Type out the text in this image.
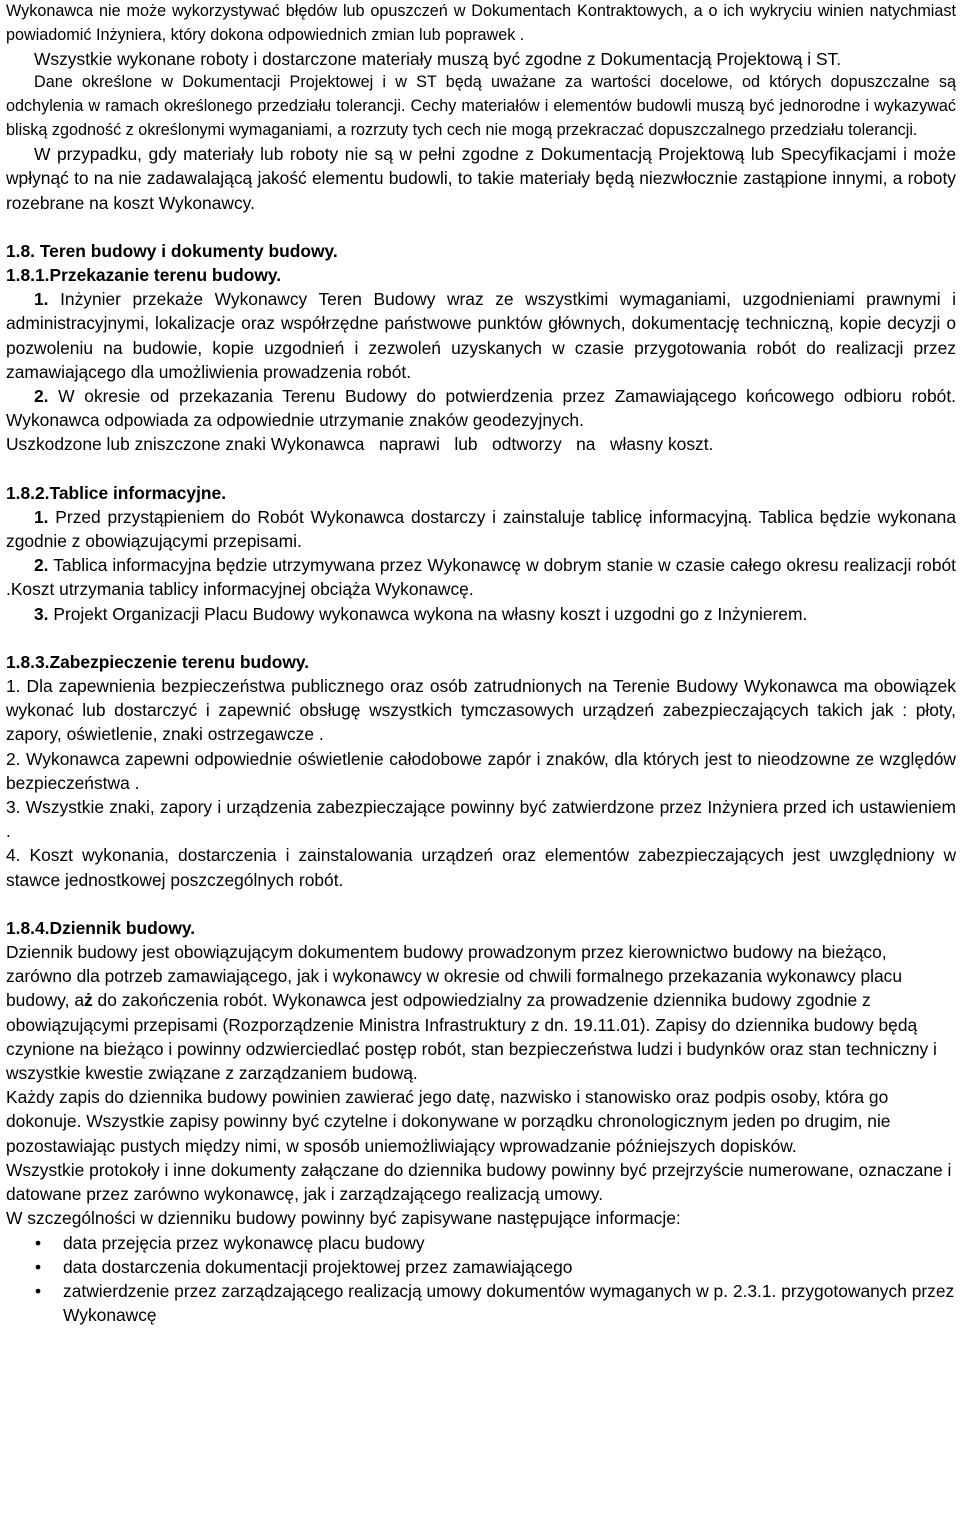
Wykonawca nie może wykorzystywać błędów lub opuszczeń w Dokumentach Kontraktowych, a o ich wykryciu winien natychmiast powiadomić Inżyniera, który dokona odpowiednich zmian lub poprawek .

Wszystkie wykonane roboty i dostarczone materiały muszą być zgodne z Dokumentacją Projektową i ST.

Dane określone w Dokumentacji Projektowej i w ST będą uważane za wartości docelowe, od których dopuszczalne są odchylenia w ramach określonego przedziału tolerancji. Cechy materiałów i elementów budowli muszą być jednorodne i wykazywać bliską zgodność z określonymi wymaganiami, a rozrzuty tych cech nie mogą przekraczać dopuszczalnego przedziału tolerancji.

W przypadku, gdy materiały lub roboty nie są w pełni zgodne z Dokumentacją Projektową lub Specyfikacjami i może wpłynąć to na nie zadawalającą jakość elementu budowli, to takie materiały będą niezwłocznie zastąpione innymi, a roboty rozebrane na koszt Wykonawcy.

1.8. Teren budowy i dokumenty budowy.

1.8.1.Przekazanie terenu budowy.

1. Inżynier przekaże Wykonawcy Teren Budowy wraz ze wszystkimi wymaganiami, uzgodnieniami prawnymi i administracyjnymi, lokalizacje oraz współrzędne państwowe punktów głównych, dokumentację techniczną, kopie decyzji o pozwoleniu na budowie, kopie uzgodnień i zezwoleń uzyskanych w czasie przygotowania robót do realizacji przez zamawiającego dla umożliwienia prowadzenia robót.

2. W okresie od przekazania Terenu Budowy do potwierdzenia przez Zamawiającego końcowego odbioru robót. Wykonawca odpowiada za odpowiednie utrzymanie znaków geodezyjnych.

Uszkodzone lub zniszczone znaki Wykonawca   naprawi   lub   odtworzy   na   własny koszt.

1.8.2.Tablice informacyjne.

1. Przed przystąpieniem do Robót Wykonawca dostarczy i zainstaluje tablicę informacyjną. Tablica będzie wykonana zgodnie z obowiązującymi przepisami.

2. Tablica informacyjna będzie utrzymywana przez Wykonawcę w dobrym stanie w czasie całego okresu realizacji robót .Koszt utrzymania tablicy informacyjnej obciąża Wykonawcę.

3. Projekt Organizacji Placu Budowy wykonawca wykona na własny koszt i uzgodni go z Inżynierem.

1.8.3.Zabezpieczenie terenu budowy.

1. Dla zapewnienia bezpieczeństwa publicznego oraz osób zatrudnionych na Terenie Budowy Wykonawca ma obowiązek wykonać lub dostarczyć i zapewnić obsługę wszystkich tymczasowych urządzeń zabezpieczających takich jak : płoty, zapory, oświetlenie, znaki ostrzegawcze .

2. Wykonawca zapewni odpowiednie oświetlenie całodobowe zapór i znaków, dla których jest to nieodzowne ze względów bezpieczeństwa .

3. Wszystkie znaki, zapory i urządzenia zabezpieczające powinny być zatwierdzone przez Inżyniera przed ich ustawieniem .

4. Koszt wykonania, dostarczenia i zainstalowania urządzeń oraz elementów zabezpieczających jest uwzględniony w stawce jednostkowej poszczególnych robót.

1.8.4.Dziennik budowy.

Dziennik budowy jest obowiązującym dokumentem budowy prowadzonym przez kierownictwo budowy na bieżąco, zarówno dla potrzeb zamawiającego, jak i wykonawcy w okresie od chwili formalnego przekazania wykonawcy placu budowy, aż do zakończenia robót. Wykonawca jest odpowiedzialny za prowadzenie dziennika budowy zgodnie z obowiązującymi przepisami (Rozporządzenie Ministra Infrastruktury z dn. 19.11.01). Zapisy do dziennika budowy będą czynione na bieżąco i powinny odzwierciedlać postęp robót, stan bezpieczeństwa ludzi i budynków oraz stan techniczny i wszystkie kwestie związane z zarządzaniem budową.

Każdy zapis do dziennika budowy powinien zawierać jego datę, nazwisko i stanowisko oraz podpis osoby, która go dokonuje. Wszystkie zapisy powinny być czytelne i dokonywane w porządku chronologicznym jeden po drugim, nie pozostawiając pustych między nimi, w sposób uniemożliwiający wprowadzanie późniejszych dopisków.

Wszystkie protokoły i inne dokumenty załączane do dziennika budowy powinny być przejrzyście numerowane, oznaczane i datowane przez zarówno wykonawcę, jak i zarządzającego realizacją umowy.

W szczególności w dzienniku budowy powinny być zapisywane następujące informacje:

• data przejęcia przez wykonawcę placu budowy
• data dostarczenia dokumentacji projektowej przez zamawiającego
• zatwierdzenie przez zarządzającego realizacją umowy dokumentów wymaganych w p. 2.3.1. przygotowanych przez Wykonawcę
